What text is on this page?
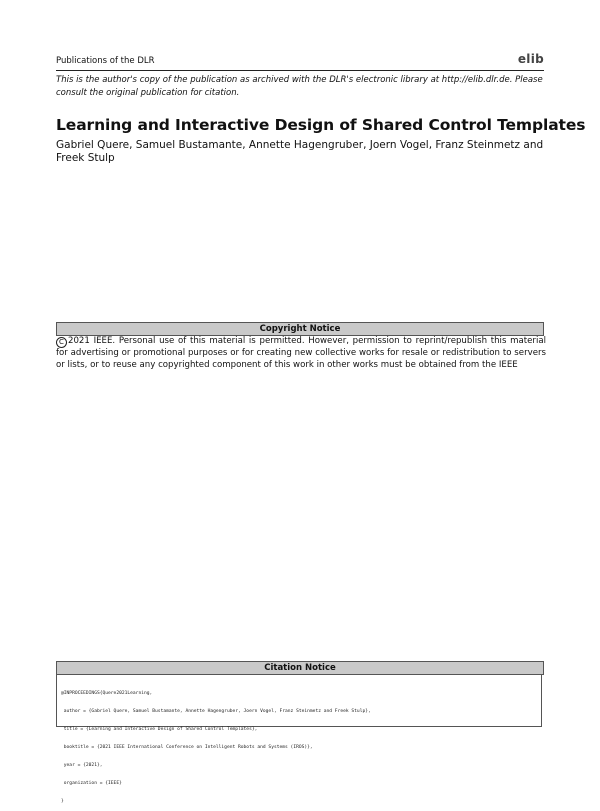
Publications of the DLR	elib
This is the author's copy of the publication as archived with the DLR's electronic library at http://elib.dlr.de. Please consult the original publication for citation.
Learning and Interactive Design of Shared Control Templates
Gabriel Quere, Samuel Bustamante, Annette Hagengruber, Joern Vogel, Franz Steinmetz and Freek Stulp
Copyright Notice
C 2021 IEEE. Personal use of this material is permitted. However, permission to reprint/republish this material for advertising or promotional purposes or for creating new collective works for resale or redistribution to servers or lists, or to reuse any copyrighted component of this work in other works must be obtained from the IEEE
Citation Notice

@INPROCEEDINGS{Quere2021Learning,

author = {Gabriel Quere, Samuel Bustamante, Annette Hagengruber, Joern Vogel, Franz Steinmetz and Freek Stulp},

title = {Learning and Interactive Design of Shared Control Templates},

booktitle = {2021 IEEE International Conference on Intelligent Robots and Systems (IROS)},

year = {2021},

organization = {IEEE}

}
